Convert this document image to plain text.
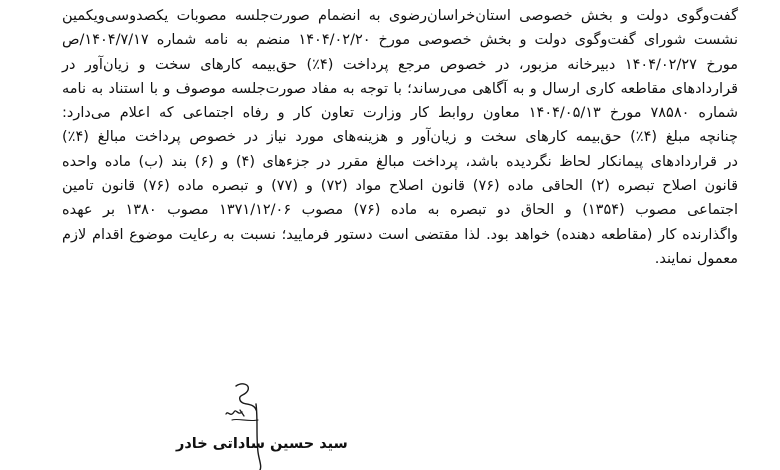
گفت‌وگوی دولت و بخش خصوصی استان‌خراسان‌رضوی به انضمام صورت‌جلسه مصوبات یکصدوسی‌ویکمین
نشست شورای گفت‌وگوی دولت و بخش خصوصی مورخ ۱۴۰۴/۰۲/۲۰ منضم به نامه شماره ۱۴۰۴/۷/۱۷/ص
مورخ ۱۴۰۴/۰۲/۲۷ دبیرخانه مزبور، در خصوص مرجع پرداخت (۴٪) حق‌بیمه کارهای سخت و زیان‌آور در
قراردادهای مقاطعه کاری ارسال و به آگاهی می‌رساند؛ با توجه به مفاد صورت‌جلسه موصوف و با استناد به نامه
شماره ۷۸۵۸۰ مورخ ۱۴۰۴/۰۵/۱۳ معاون روابط کار وزارت تعاون کار و رفاه اجتماعی که اعلام می‌دارد:
چنانچه مبلغ (۴٪) حق‌بیمه کارهای سخت و زیان‌آور و هزینه‌های مورد نیاز در خصوص پرداخت مبالغ (۴٪)
در قراردادهای پیمانکار لحاظ نگردیده باشد، پرداخت مبالغ مقرر در جزءهای (۴) و (۶) بند (ب) ماده واحده
قانون اصلاح تبصره (۲) الحاقی ماده (۷۶) قانون اصلاح مواد (۷۲) و (۷۷) و تبصره ماده (۷۶) قانون تامین
اجتماعی مصوب (۱۳۵۴) و الحاق دو تبصره به ماده (۷۶) مصوب ۱۳۷۱/۱۲/۰۶ مصوب ۱۳۸۰ بر عهده
واگذارنده کار (مقاطعه دهنده) خواهد بود. لذا مقتضی است دستور فرمایید؛ نسبت به رعایت موضوع اقدام لازم
معمول نمایند.
سید حسین ساداتی خادر
